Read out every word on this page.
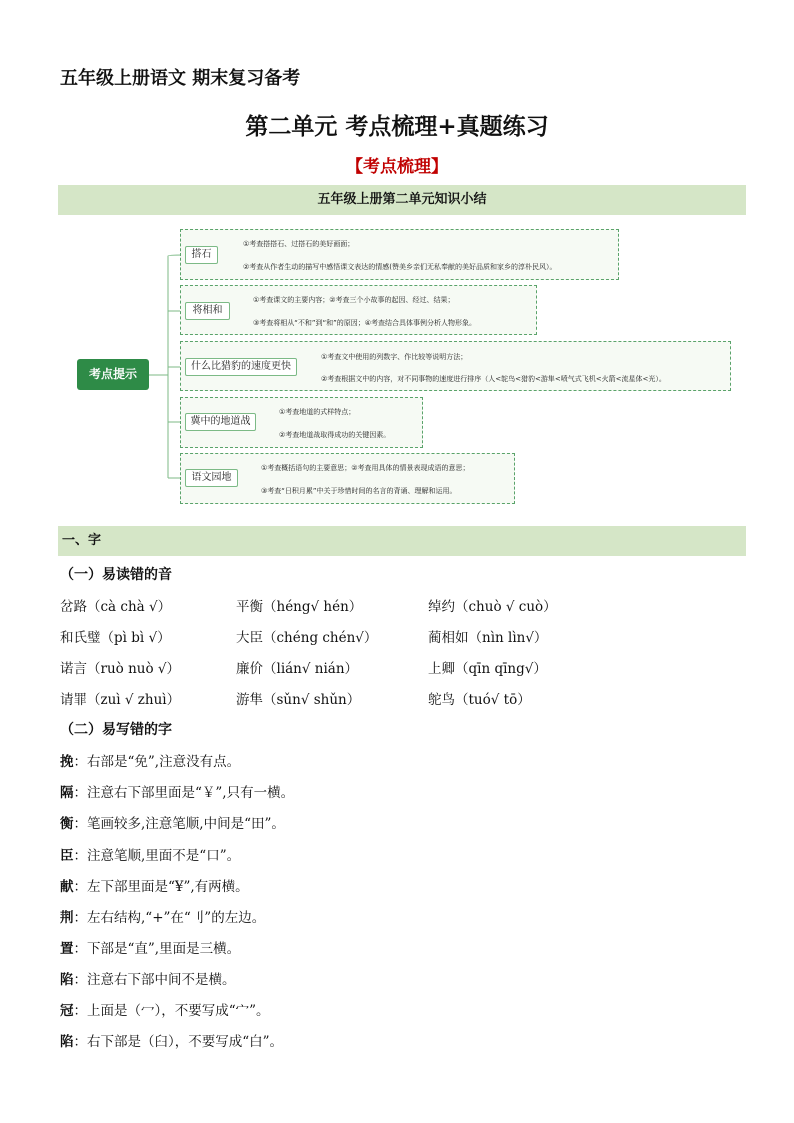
五年级上册语文 期末复习备考
第二单元 考点梳理+真题练习
【考点梳理】
五年级上册第二单元知识小结
考点提示
搭石
①考查搭搭石、过搭石的美好画面；
②考查从作者生动的描写中感悟课文表达的情感(赞美乡亲们无私奉献的美好品质和家乡的淳朴民风）。
将相和
①考查课文的主要内容；②考查三个小故事的起因、经过、结果；
③考查将相从“不和”到“和”的原因；④考查结合具体事例分析人物形象。
什么比猎豹的速度更快
①考查文中使用的列数字、作比较等说明方法；
②考查根据文中的内容，对不同事物的速度进行排序（人<鸵鸟<猎豹<游隼<喷气式飞机<火箭<流星体<光）。
冀中的地道战
①考查地道的式样特点；
②考查地道战取得成功的关键因素。
语文园地
①考查概括语句的主要意思；②考查用具体的情景表现成语的意思；
③考查“日积月累”中关于珍惜时间的名言的背诵、理解和运用。
一、字
（一）易读错的音
岔路（cà chà √）	平衡（héng√ hén）	绰约（chuò √ cuò）
和氏璧（pì bì √）	大臣（chéng chén√）	蔺相如（nìn lìn√）
诺言（ruò nuò √）	廉价（lián√ nián）	上卿（qīn qīng√）
请罪（zuì √ zhuì）	游隼（sǔn√ shǔn）	鸵鸟（tuó√ tō）
（二）易写错的字
挽：右部是“免”,注意没有点。
隔：注意右下部里面是“￥”,只有一横。
衡：笔画较多,注意笔顺,中间是“田”。
臣：注意笔顺,里面不是“口”。
献：左下部里面是“¥”,有两横。
荆：左右结构,“+”在“刂”的左边。
置：下部是“直”,里面是三横。
陷：注意右下部中间不是横。
冠：上面是（冖），不要写成“宀”。
陷：右下部是（臼），不要写成“白”。
